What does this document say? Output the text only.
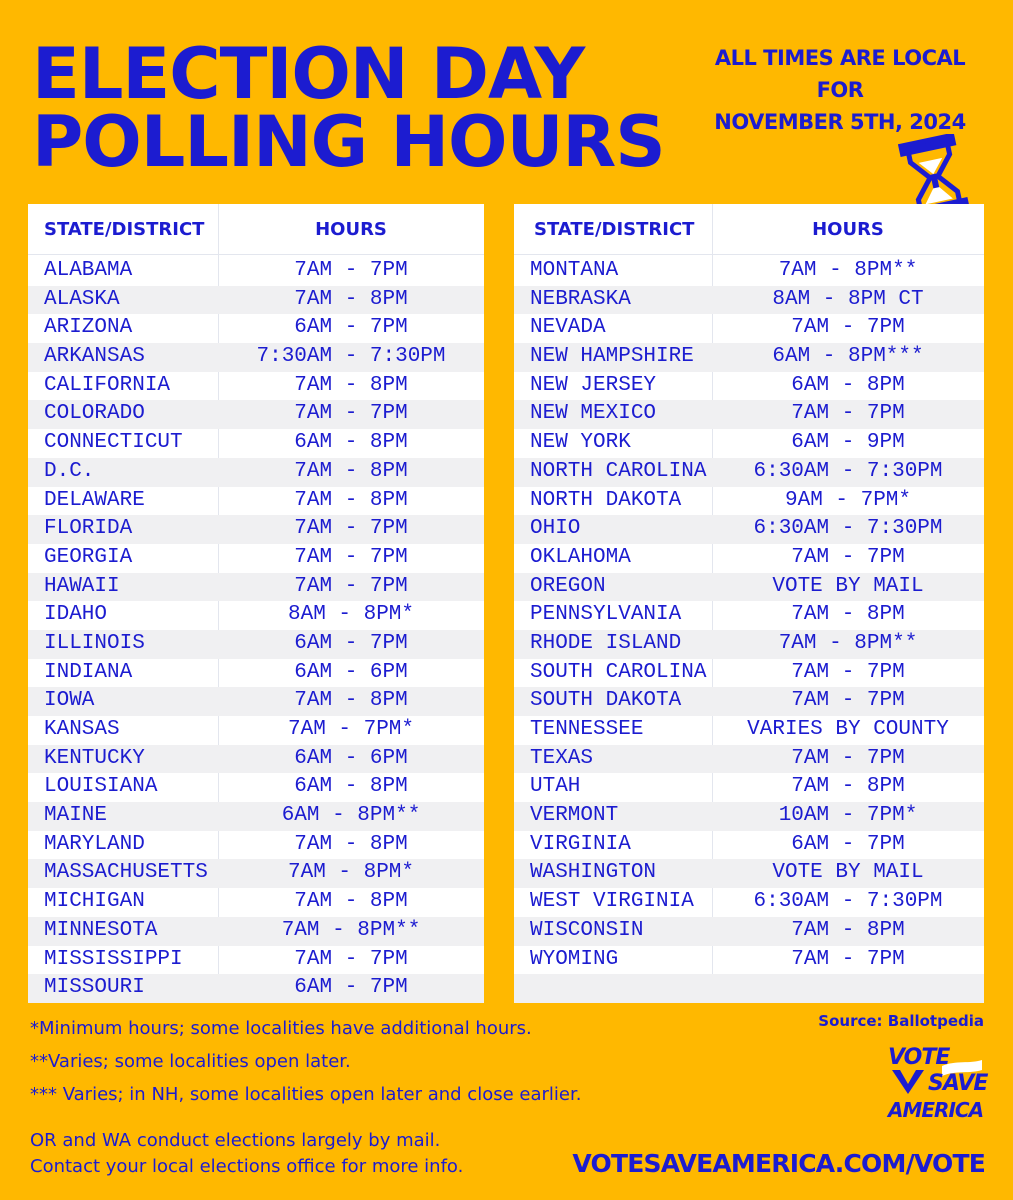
ELECTION DAY
POLLING HOURS
ALL TIMES ARE LOCAL FOR
NOVEMBER 5TH, 2024
STATE/DISTRICT	HOURS
ALABAMA	7AM - 7PM
ALASKA	7AM - 8PM
ARIZONA	6AM - 7PM
ARKANSAS	7:30AM - 7:30PM
CALIFORNIA	7AM - 8PM
COLORADO	7AM - 7PM
CONNECTICUT	6AM - 8PM
D.C.	7AM - 8PM
DELAWARE	7AM - 8PM
FLORIDA	7AM - 7PM
GEORGIA	7AM - 7PM
HAWAII	7AM - 7PM
IDAHO	8AM - 8PM*
ILLINOIS	6AM - 7PM
INDIANA	6AM - 6PM
IOWA	7AM - 8PM
KANSAS	7AM - 7PM*
KENTUCKY	6AM - 6PM
LOUISIANA	6AM - 8PM
MAINE	6AM - 8PM**
MARYLAND	7AM - 8PM
MASSACHUSETTS	7AM - 8PM*
MICHIGAN	7AM - 8PM
MINNESOTA	7AM - 8PM**
MISSISSIPPI	7AM - 7PM
MISSOURI	6AM - 7PM
STATE/DISTRICT	HOURS
MONTANA	7AM - 8PM**
NEBRASKA	8AM - 8PM CT
NEVADA	7AM - 7PM
NEW HAMPSHIRE	6AM - 8PM***
NEW JERSEY	6AM - 8PM
NEW MEXICO	7AM - 7PM
NEW YORK	6AM - 9PM
NORTH CAROLINA	6:30AM - 7:30PM
NORTH DAKOTA	9AM - 7PM*
OHIO	6:30AM - 7:30PM
OKLAHOMA	7AM - 7PM
OREGON	VOTE BY MAIL
PENNSYLVANIA	7AM - 8PM
RHODE ISLAND	7AM - 8PM**
SOUTH CAROLINA	7AM - 7PM
SOUTH DAKOTA	7AM - 7PM
TENNESSEE	VARIES BY COUNTY
TEXAS	7AM - 7PM
UTAH	7AM - 8PM
VERMONT	10AM - 7PM*
VIRGINIA	6AM - 7PM
WASHINGTON	VOTE BY MAIL
WEST VIRGINIA	6:30AM - 7:30PM
WISCONSIN	7AM - 8PM
WYOMING	7AM - 7PM
*Minimum hours; some localities have additional hours.
**Varies; some localities open later.
*** Varies; in NH, some localities open later and close earlier.
OR and WA conduct elections largely by mail.
Contact your local elections office for more info.
Source: Ballotpedia
VOTE
SAVE
AMERICA
VOTESAVEAMERICA.COM/VOTE
